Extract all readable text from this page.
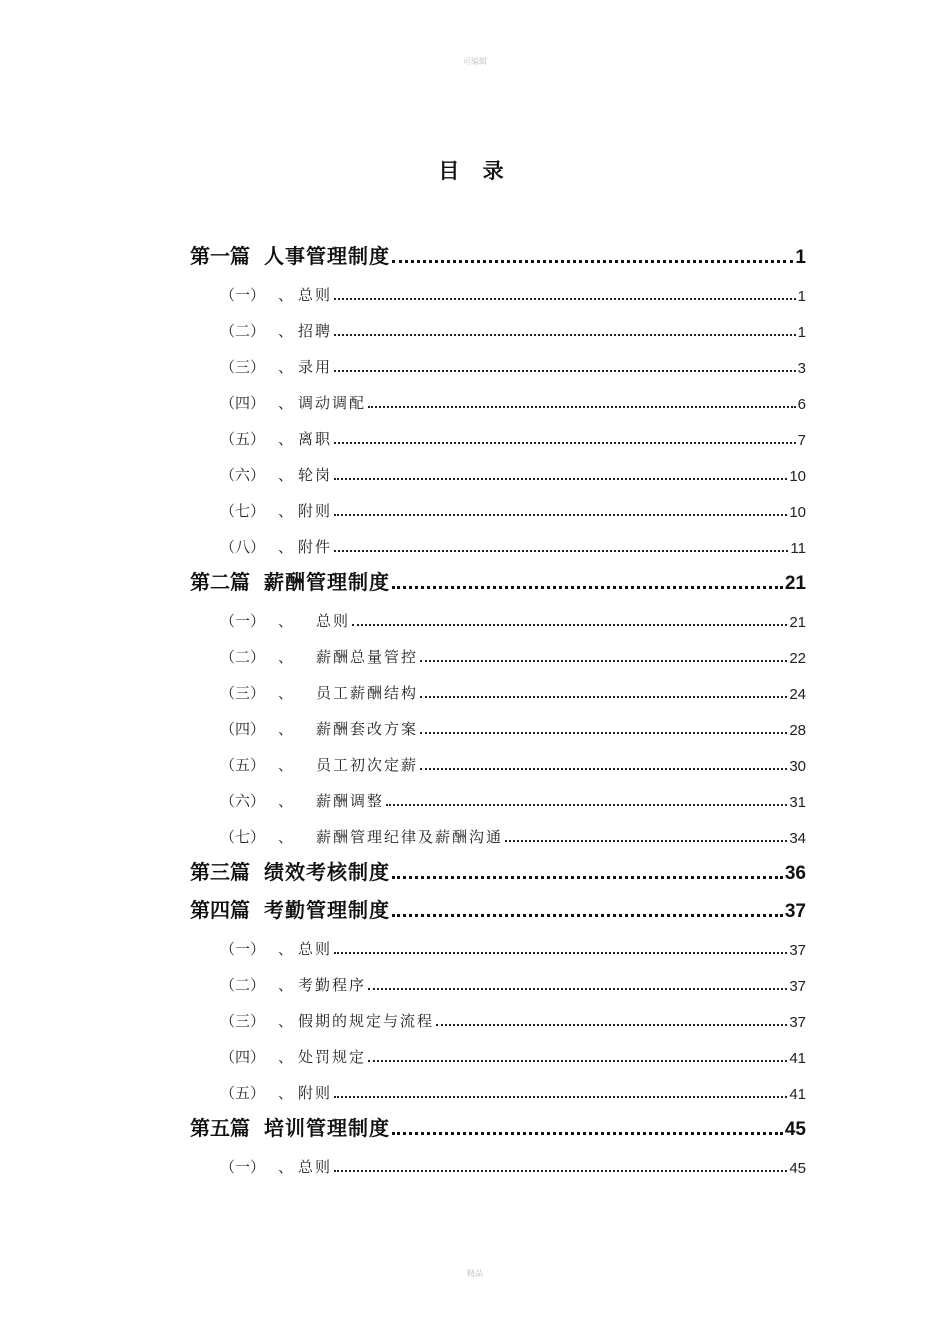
可编辑
目 录
第一篇 人事管理制度	1
（一） 、 总则	1
（二） 、 招聘	1
（三） 、 录用	3
（四） 、 调动调配	6
（五） 、 离职	7
（六） 、 轮岗	10
（七） 、 附则	10
（八） 、 附件	11
第二篇 薪酬管理制度	21
（一） 、	总则	21
（二） 、	薪酬总量管控	22
（三） 、	员工薪酬结构	24
（四） 、	薪酬套改方案	28
（五） 、	员工初次定薪	30
（六） 、	薪酬调整	31
（七） 、	薪酬管理纪律及薪酬沟通	34
第三篇 绩效考核制度	36
第四篇 考勤管理制度	37
（一） 、 总则	37
（二） 、 考勤程序	37
（三） 、 假期的规定与流程	37
（四） 、 处罚规定	41
（五） 、 附则	41
第五篇 培训管理制度	45
（一） 、 总则	45
精品
